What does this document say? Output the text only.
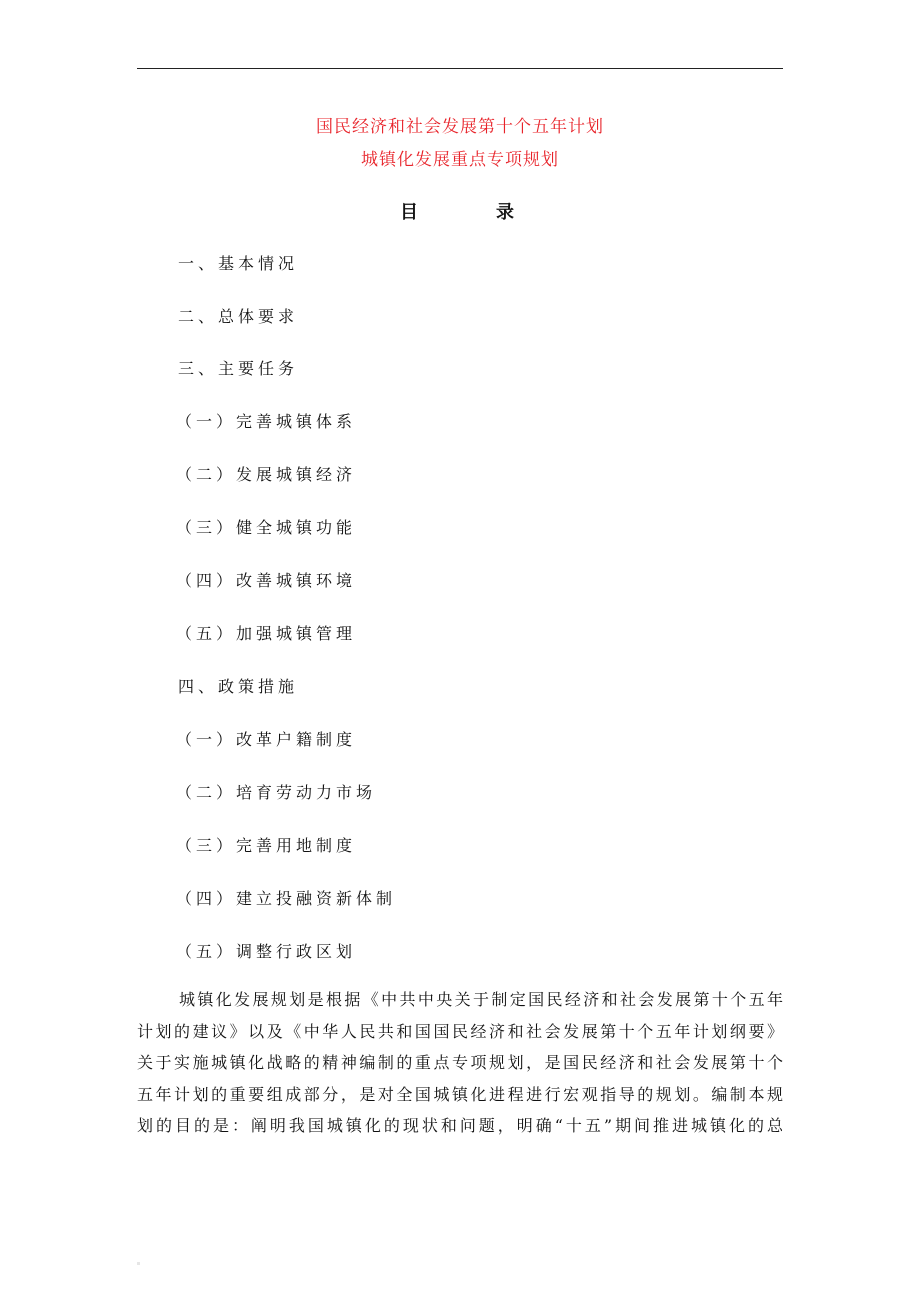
国民经济和社会发展第十个五年计划
城镇化发展重点专项规划
目	录
一、基本情况
二、总体要求
三、主要任务
（一）完善城镇体系
（二）发展城镇经济
（三）健全城镇功能
（四）改善城镇环境
（五）加强城镇管理
四、政策措施
（一）改革户籍制度
（二）培育劳动力市场
（三）完善用地制度
（四）建立投融资新体制
（五）调整行政区划
城镇化发展规划是根据《中共中央关于制定国民经济和社会发展第十个五年
计划的建议》以及《中华人民共和国国民经济和社会发展第十个五年计划纲要》
关于实施城镇化战略的精神编制的重点专项规划，是国民经济和社会发展第十个
五年计划的重要组成部分，是对全国城镇化进程进行宏观指导的规划。编制本规
划的目的是：阐明我国城镇化的现状和问题，明确“十五”期间推进城镇化的总
